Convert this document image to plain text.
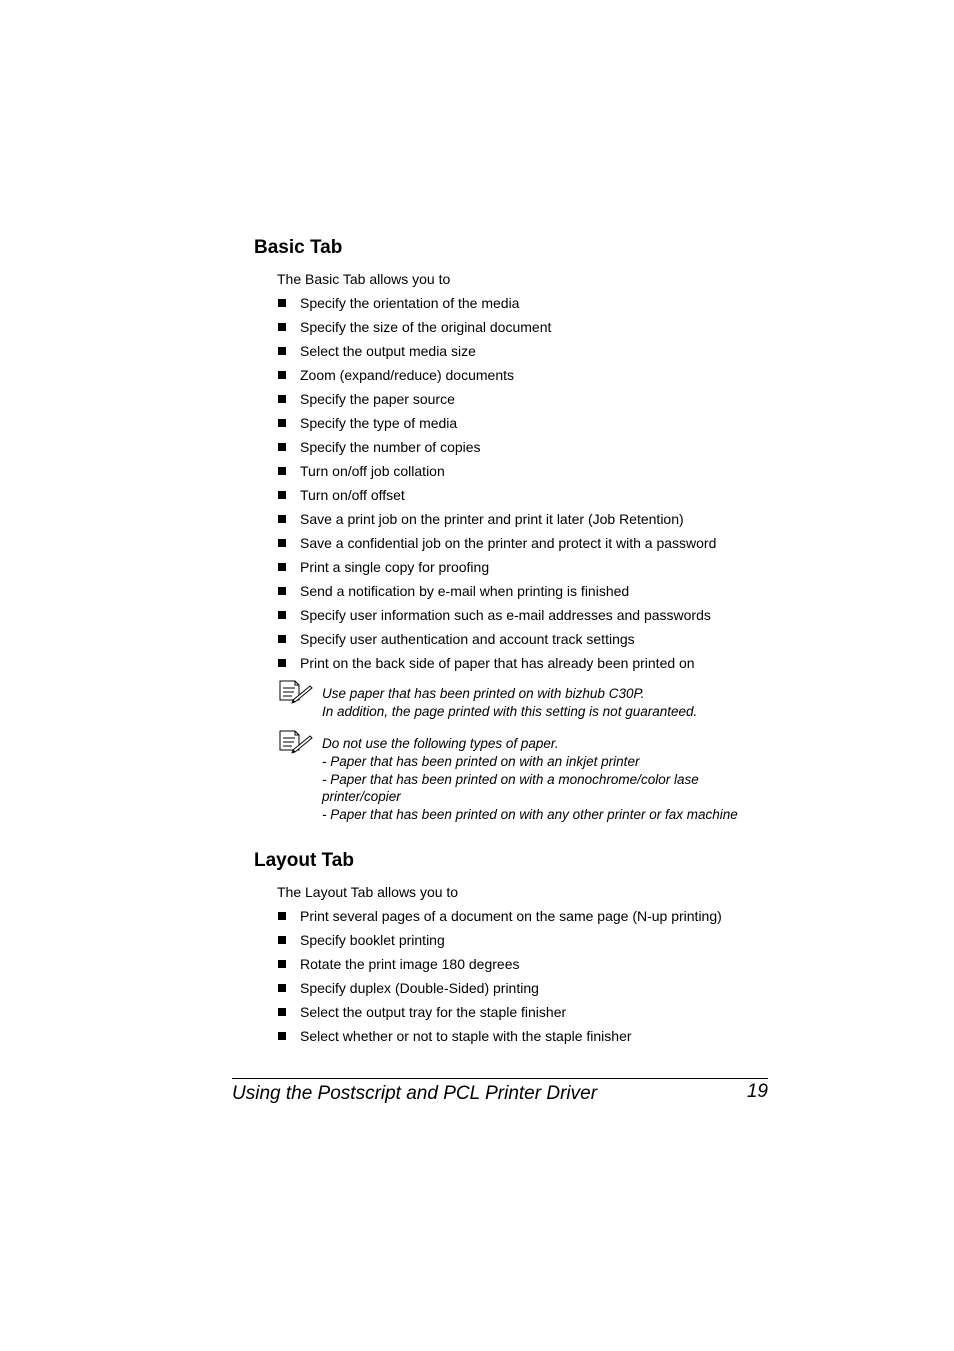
Basic Tab

The Basic Tab allows you to

Specify the orientation of the media
Specify the size of the original document
Select the output media size
Zoom (expand/reduce) documents
Specify the paper source
Specify the type of media
Specify the number of copies
Turn on/off job collation
Turn on/off offset
Save a print job on the printer and print it later (Job Retention)
Save a confidential job on the printer and protect it with a password
Print a single copy for proofing
Send a notification by e-mail when printing is finished
Specify user information such as e-mail addresses and passwords
Specify user authentication and account track settings
Print on the back side of paper that has already been printed on
Use paper that has been printed on with bizhub C30P.
In addition, the page printed with this setting is not guaranteed.
Do not use the following types of paper.
- Paper that has been printed on with an inkjet printer
- Paper that has been printed on with a monochrome/color lase
printer/copier
- Paper that has been printed on with any other printer or fax machine
Layout Tab

The Layout Tab allows you to

Print several pages of a document on the same page (N-up printing)
Specify booklet printing
Rotate the print image 180 degrees
Specify duplex (Double-Sided) printing
Select the output tray for the staple finisher
Select whether or not to staple with the staple finisher
Using the Postscript and PCL Printer Driver	19
